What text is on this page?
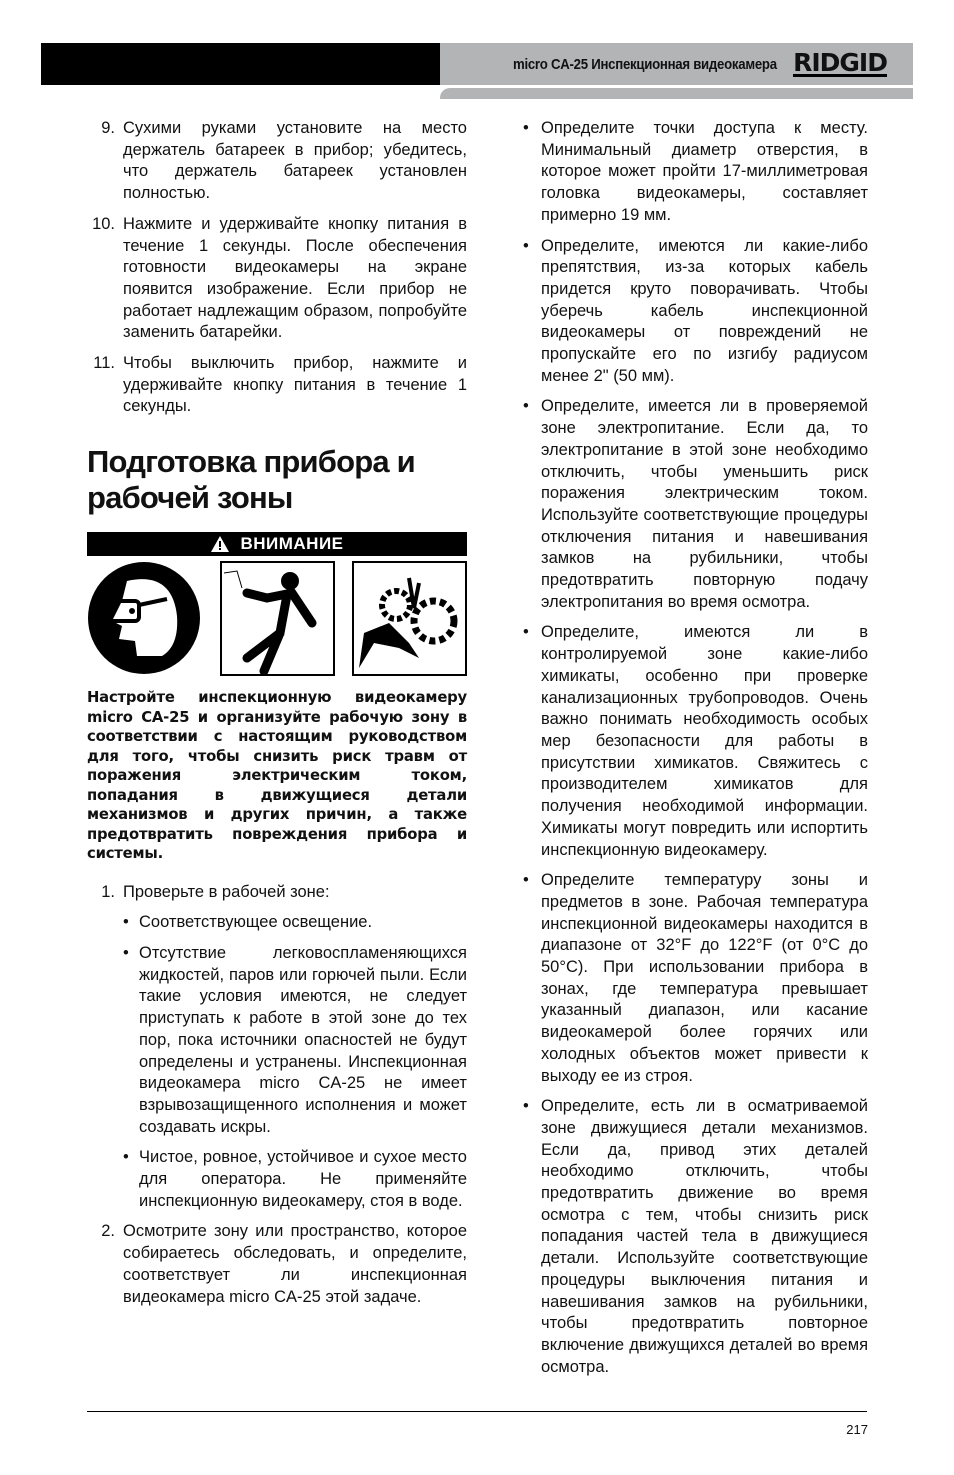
micro CA-25 Инспекционная видеокамера RIDGID
9. Сухими руками установите на место держатель батареек в прибор; убедитесь, что держатель батареек установлен полностью.
10. Нажмите и удерживайте кнопку питания в течение 1 секунды. После обеспечения готовности видеокамеры на экране появится изображение. Если прибор не работает надлежащим образом, попробуйте заменить батарейки.
11. Чтобы выключить прибор, нажмите и удерживайте кнопку питания в течение 1 секунды.
Подготовка прибора и рабочей зоны
ВНИМАНИЕ

Настройте инспекционную видеокамеру micro CA-25 и организуйте рабочую зону в соответствии с настоящим руководством для того, чтобы снизить риск травм от поражения электрическим током, попадания в движущиеся детали механизмов и других причин, а также предотвратить повреждения прибора и системы.

1. Проверьте в рабочей зоне:
• Соответствующее освещение.
• Отсутствие легковоспламеняющихся жидкостей, паров или горючей пыли. Если такие условия имеются, не следует приступать к работе в этой зоне до тех пор, пока источники опасностей не будут определены и устранены. Инспекционная видеокамера micro CA-25 не имеет взрывозащищенного исполнения и может создавать искры.
• Чистое, ровное, устойчивое и сухое место для оператора. Не применяйте инспекционную видеокамеру, стоя в воде.
2. Осмотрите зону или пространство, которое собираетесь обследовать, и определите, соответствует ли инспекционная видеокамера micro CA-25 этой задаче.
• Определите точки доступа к месту. Минимальный диаметр отверстия, в которое может пройти 17-миллиметровая головка видеокамеры, составляет примерно 19 мм.
• Определите, имеются ли какие-либо препятствия, из-за которых кабель придется круто поворачивать. Чтобы уберечь кабель инспекционной видеокамеры от повреждений не пропускайте его по изгибу радиусом менее 2" (50 мм).
• Определите, имеется ли в проверяемой зоне электропитание. Если да, то электропитание в этой зоне необходимо отключить, чтобы уменьшить риск поражения электрическим током. Используйте соответствующие процедуры отключения питания и навешивания замков на рубильники, чтобы предотвратить повторную подачу электропитания во время осмотра.
• Определите, имеются ли в контролируемой зоне какие-либо химикаты, особенно при проверке канализационных трубопроводов. Очень важно понимать необходимость особых мер безопасности для работы в присутствии химикатов. Свяжитесь с производителем химикатов для получения необходимой информации. Химикаты могут повредить или испортить инспекционную видеокамеру.
• Определите температуру зоны и предметов в зоне. Рабочая температура инспекционной видеокамеры находится в диапазоне от 32°F до 122°F (от 0°C до 50°C). При использовании прибора в зонах, где температура превышает указанный диапазон, или касание видеокамерой более горячих или холодных объектов может привести к выходу ее из строя.
• Определите, есть ли в осматриваемой зоне движущиеся детали механизмов. Если да, привод этих деталей необходимо отключить, чтобы предотвратить движение во время осмотра с тем, чтобы снизить риск попадания частей тела в движущиеся детали. Используйте соответствующие процедуры выключения питания и навешивания замков на рубильники, чтобы предотвратить повторное включение движущихся деталей во время осмотра.
217
